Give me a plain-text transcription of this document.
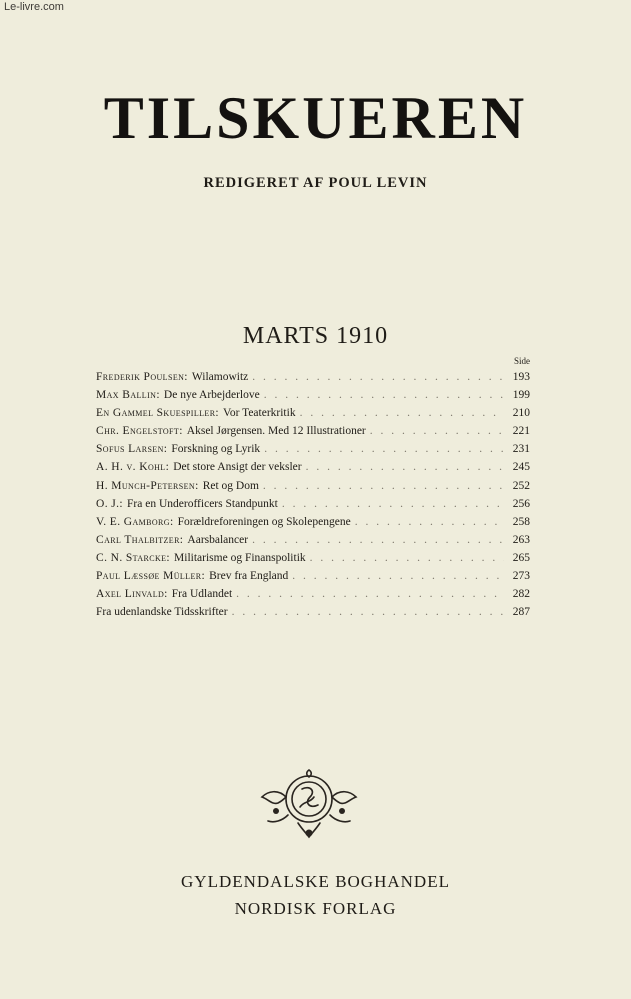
Le-livre.com
TILSKUEREN
REDIGERET AF POUL LEVIN
MARTS 1910
Side
Frederik Poulsen: Wilamowitz . . .	193
Max Ballin: De nye Arbejderlove . . .	199
En Gammel Skuespiller: Vor Teaterkritik . . .	210
Chr. Engelstoft: Aksel Jørgensen. Med 12 Illustrationer . . .	221
Sofus Larsen: Forskning og Lyrik . . .	231
A. H. v. Kohl: Det store Ansigt der veksler . . .	245
H. Munch-Petersen: Ret og Dom . . .	252
O. J.: Fra en Underofficers Standpunkt . . .	256
V. E. Gamborg: Forældreforeningen og Skolepengene . . .	258
Carl Thalbitzer: Aarsbalancer . . .	263
C. N. Starcke: Militarisme og Finanspolitik . . .	265
Paul Læssøe Müller: Brev fra England . . .	273
Axel Linvald: Fra Udlandet . . .	282
Fra udenlandske Tidsskrifter . . .	287
GYLDENDALSKE BOGHANDEL
NORDISK FORLAG
